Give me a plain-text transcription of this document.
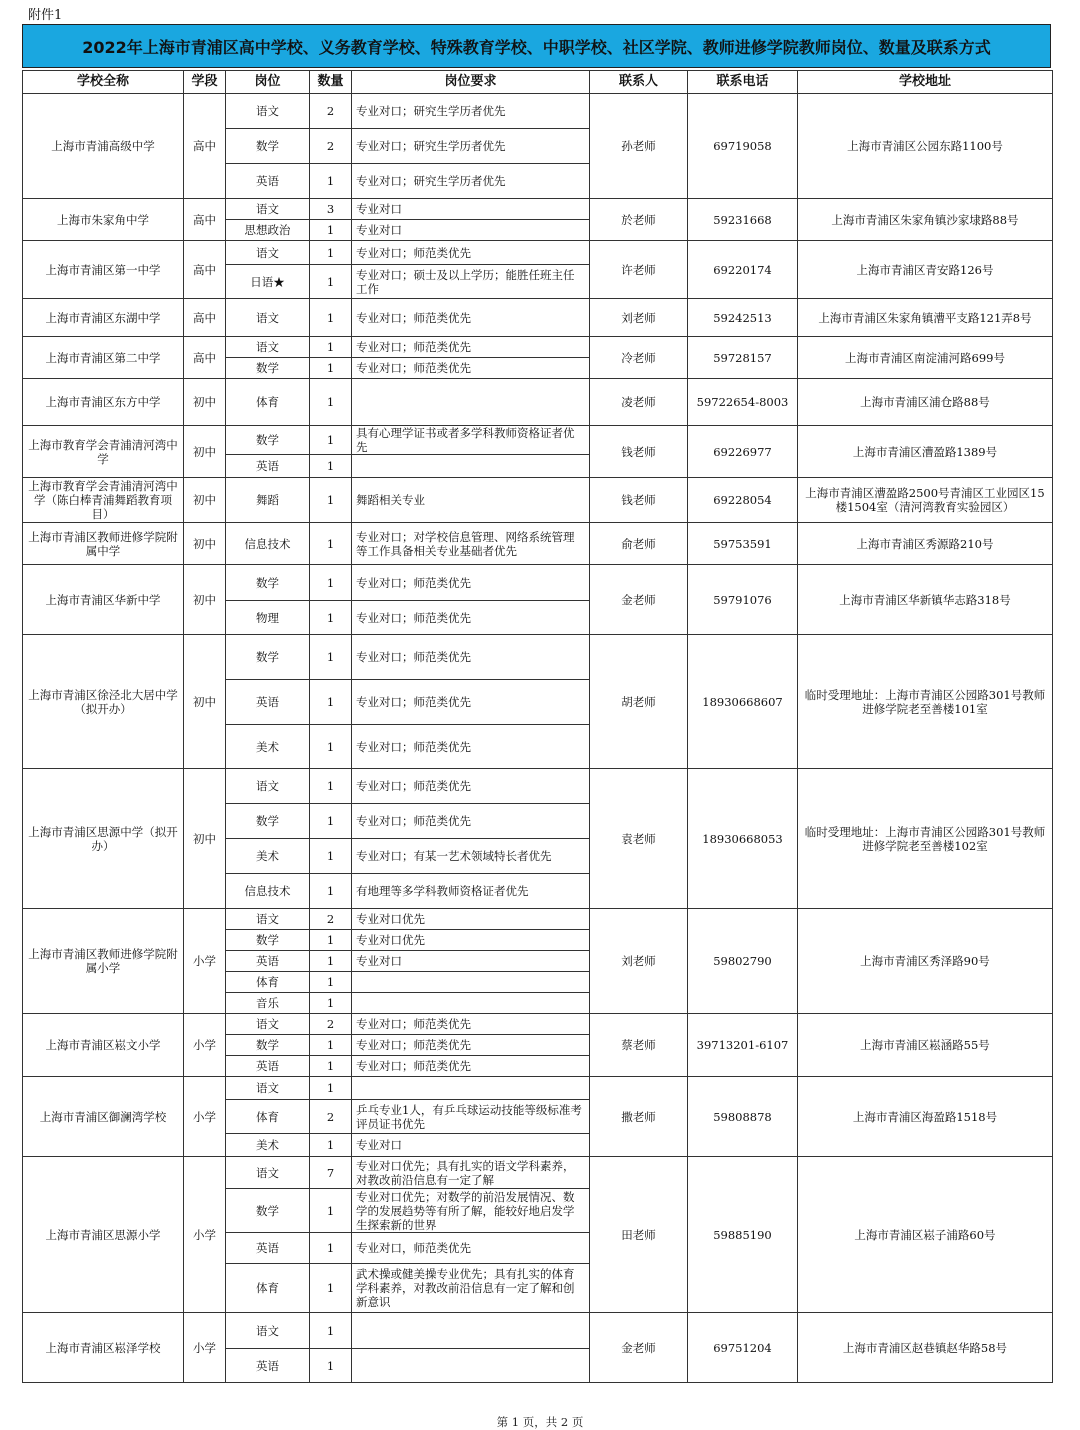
附件1
2022年上海市青浦区高中学校、义务教育学校、特殊教育学校、中职学校、社区学院、教师进修学院教师岗位、数量及联系方式
学校全称	学段	岗位	数量	岗位要求	联系人	联系电话	学校地址
上海市青浦高级中学	高中	语文	2	专业对口；研究生学历者优先	孙老师	69719058	上海市青浦区公园东路1100号
		数学	2	专业对口；研究生学历者优先			
		英语	1	专业对口；研究生学历者优先			
上海市朱家角中学	高中	语文	3	专业对口	於老师	59231668	上海市青浦区朱家角镇沙家埭路88号
		思想政治	1	专业对口			
上海市青浦区第一中学	高中	语文	1	专业对口；师范类优先	许老师	69220174	上海市青浦区青安路126号
		日语★	1	专业对口；硕士及以上学历；能胜任班主任工作			
上海市青浦区东湖中学	高中	语文	1	专业对口；师范类优先	刘老师	59242513	上海市青浦区朱家角镇漕平支路121弄8号
上海市青浦区第二中学	高中	语文	1	专业对口；师范类优先	冷老师	59728157	上海市青浦区南淀浦河路699号
		数学	1	专业对口；师范类优先			
上海市青浦区东方中学	初中	体育	1		凌老师	59722654-8003	上海市青浦区浦仓路88号
上海市教育学会青浦清河湾中学	初中	数学	1	具有心理学证书或者多学科教师资格证者优先	钱老师	69226977	上海市青浦区漕盈路1389号
		英语	1				
上海市教育学会青浦清河湾中学（陈白棒青浦舞蹈教育项目）	初中	舞蹈	1	舞蹈相关专业	钱老师	69228054	上海市青浦区漕盈路2500号青浦区工业园区15楼1504室（清河湾教育实验园区）
上海市青浦区教师进修学院附属中学	初中	信息技术	1	专业对口；对学校信息管理、网络系统管理等工作具备相关专业基础者优先	俞老师	59753591	上海市青浦区秀源路210号
上海市青浦区华新中学	初中	数学	1	专业对口；师范类优先	金老师	59791076	上海市青浦区华新镇华志路318号
		物理	1	专业对口；师范类优先			
上海市青浦区徐泾北大居中学（拟开办）	初中	数学	1	专业对口；师范类优先	胡老师	18930668607	临时受理地址：上海市青浦区公园路301号教师进修学院老至善楼101室
		英语	1	专业对口；师范类优先			
		美术	1	专业对口；师范类优先			
上海市青浦区思源中学（拟开办）	初中	语文	1	专业对口；师范类优先	袁老师	18930668053	临时受理地址：上海市青浦区公园路301号教师进修学院老至善楼102室
		数学	1	专业对口；师范类优先			
		美术	1	专业对口；有某一艺术领域特长者优先			
		信息技术	1	有地理等多学科教师资格证者优先			
上海市青浦区教师进修学院附属小学	小学	语文	2	专业对口优先	刘老师	59802790	上海市青浦区秀泽路90号
		数学	1	专业对口优先			
		英语	1	专业对口			
		体育	1				
		音乐	1				
上海市青浦区崧文小学	小学	语文	2	专业对口；师范类优先	蔡老师	39713201-6107	上海市青浦区崧涵路55号
		数学	1	专业对口；师范类优先			
		英语	1	专业对口；师范类优先			
上海市青浦区御澜湾学校	小学	语文	1		撒老师	59808878	上海市青浦区海盈路1518号
		体育	2	乒乓专业1人，有乒乓球运动技能等级标准考评员证书优先			
		美术	1	专业对口			
上海市青浦区思源小学	小学	语文	7	专业对口优先；具有扎实的语文学科素养，对教改前沿信息有一定了解	田老师	59885190	上海市青浦区崧子浦路60号
		数学	1	专业对口优先；对数学的前沿发展情况、数学的发展趋势等有所了解，能较好地启发学生探索新的世界			
		英语	1	专业对口，师范类优先			
		体育	1	武术操或健美操专业优先；具有扎实的体育学科素养，对教改前沿信息有一定了解和创新意识			
上海市青浦区崧泽学校	小学	语文	1		金老师	69751204	上海市青浦区赵巷镇赵华路58号
		英语	1				
第 1 页，共 2 页
